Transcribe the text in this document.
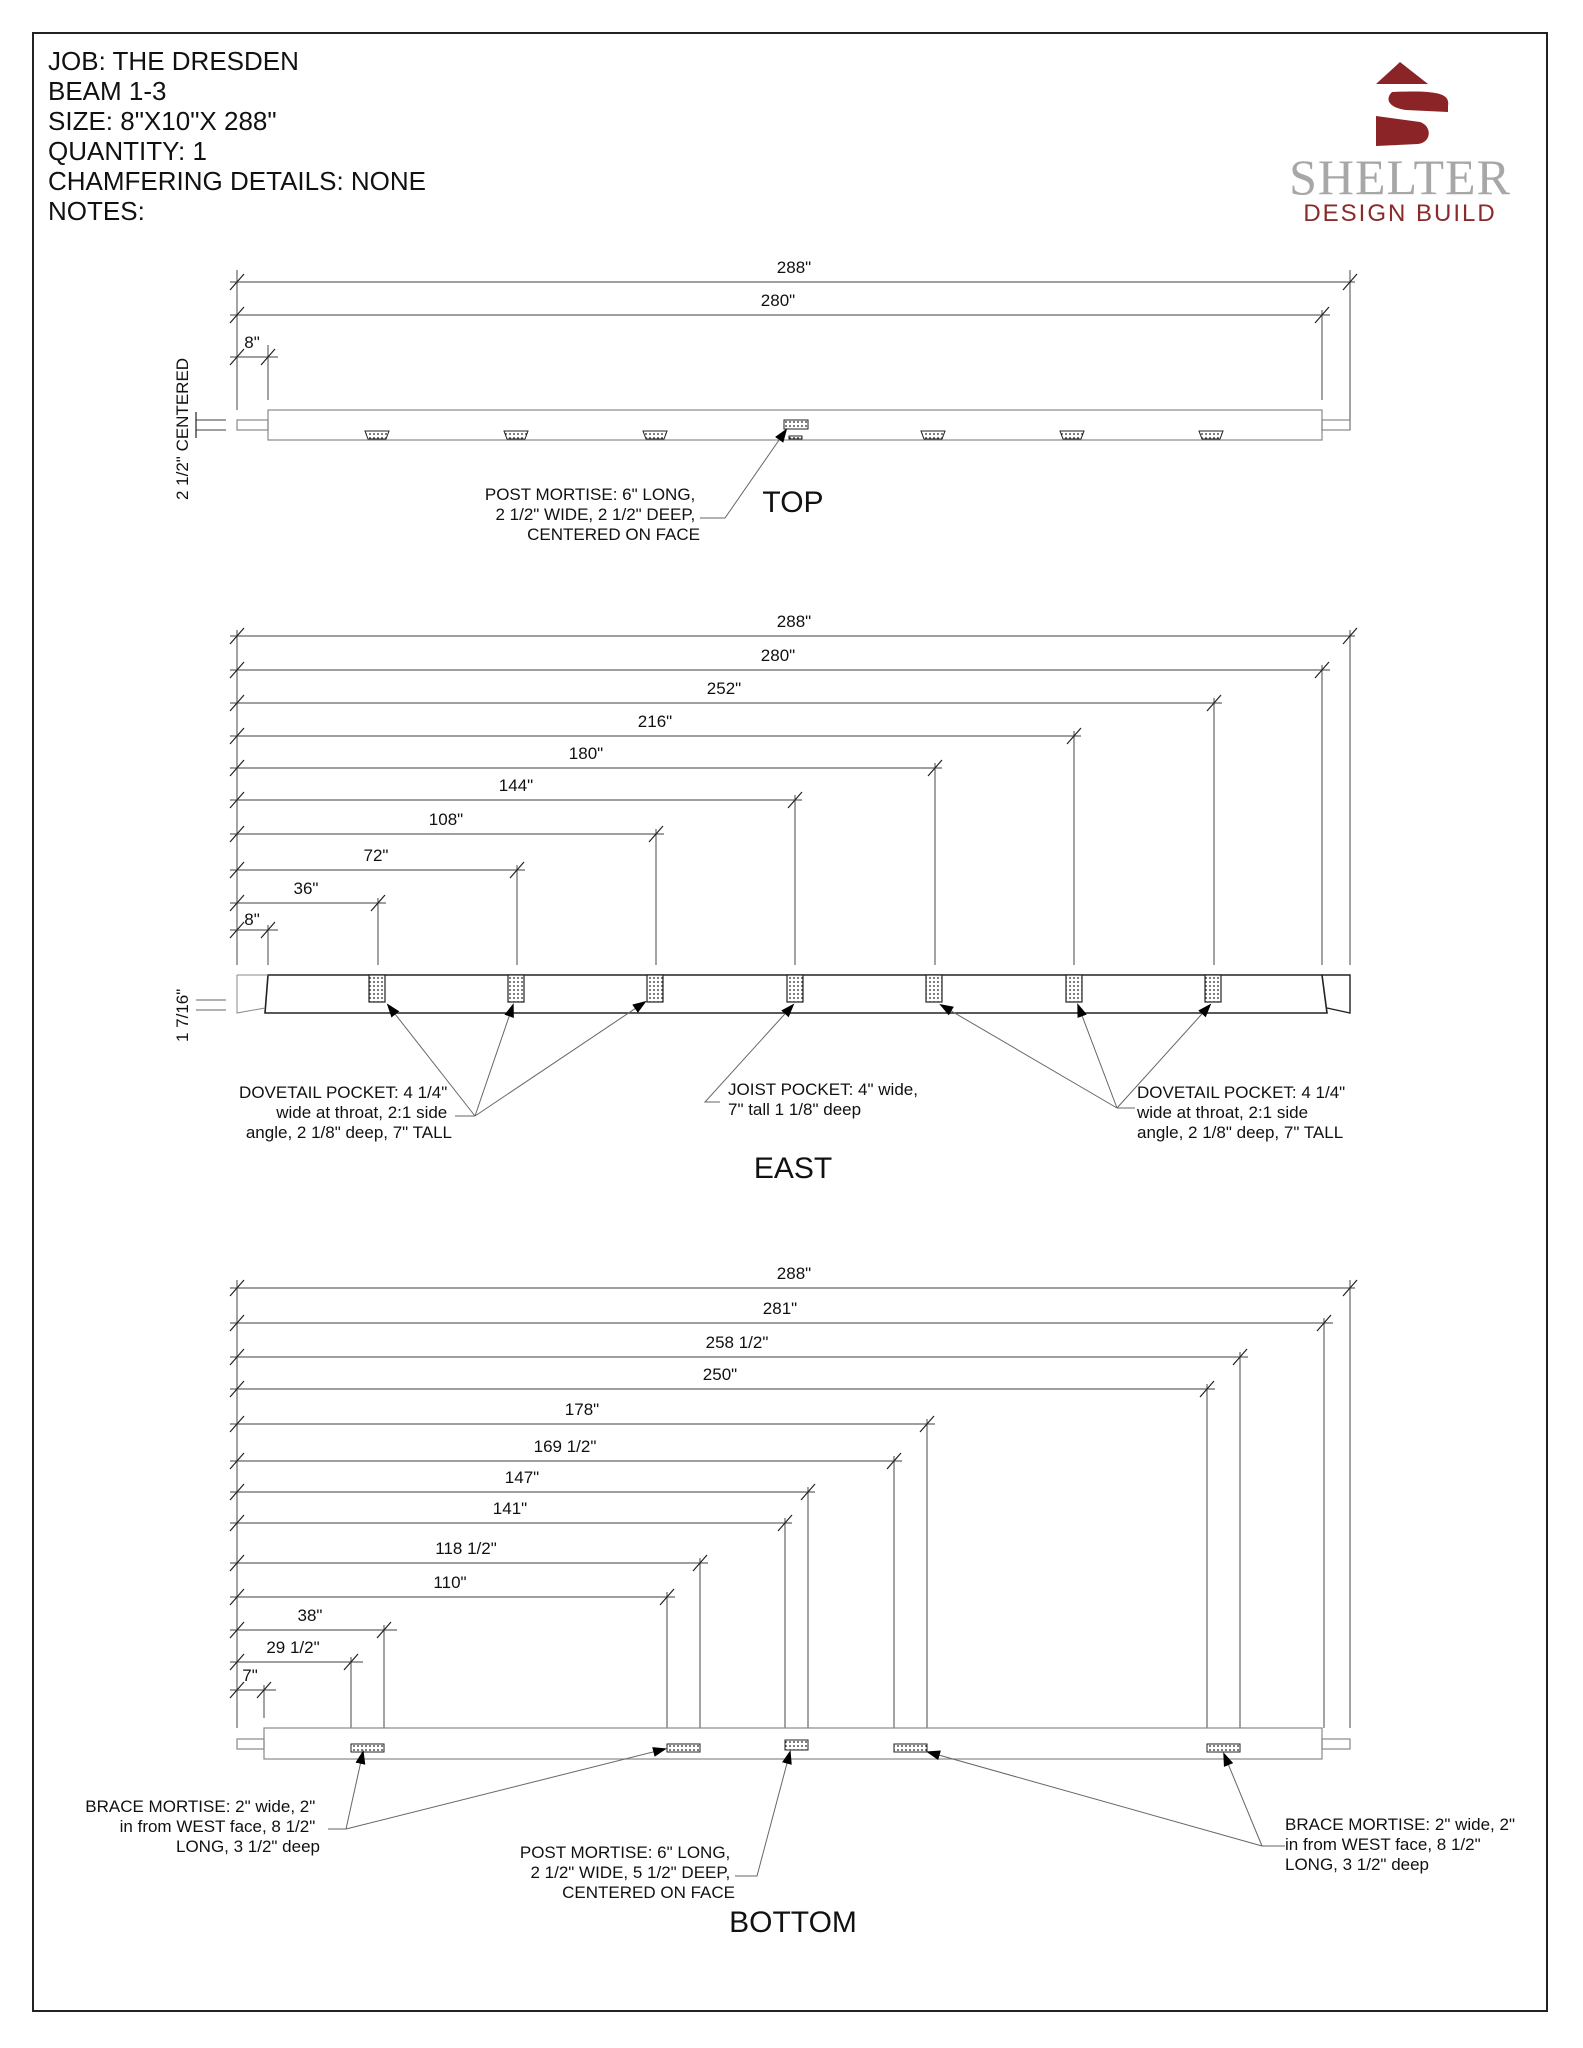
JOB: THE DRESDEN
BEAM 1-3
SIZE: 8"X10"X 288"
QUANTITY: 1
CHAMFERING DETAILS: NONE
NOTES:
SHELTER
DESIGN BUILD
288"
280"
8"
2 1/2" CENTERED
TOP
POST MORTISE: 6" LONG, 2 1/2" WIDE, 2 1/2" DEEP, CENTERED ON FACE
288"
280"
252"
216"
180"
144"
108"
72"
36"
8"
1 7/16"
DOVETAIL POCKET: 4 1/4" wide at throat, 2:1 side angle, 2 1/8" deep, 7" TALL
JOIST POCKET: 4" wide, 7" tall 1 1/8" deep
DOVETAIL POCKET: 4 1/4" wide at throat, 2:1 side angle, 2 1/8" deep, 7" TALL
EAST
288"
281"
258 1/2"
250"
178"
169 1/2"
147"
141"
118 1/2"
110"
38"
29 1/2"
7"
BRACE MORTISE: 2" wide, 2" in from WEST face, 8 1/2" LONG, 3 1/2" deep	POST MORTISE: 6" LONG, 2 1/2" WIDE, 5 1/2" DEEP, CENTERED ON FACE
BRACE MORTISE: 2" wide, 2" in from WEST face, 8 1/2" LONG, 3 1/2" deep
BOTTOM
